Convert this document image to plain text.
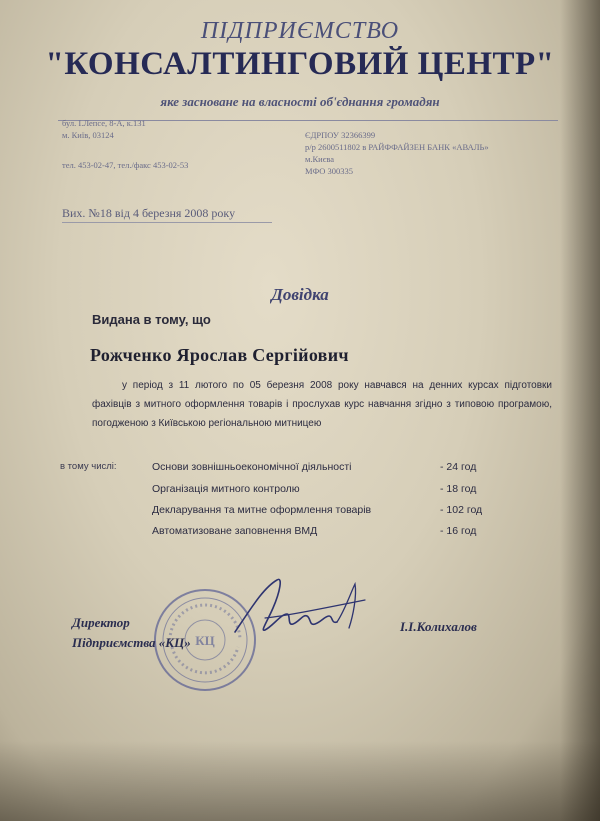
ПІДПРИЄМСТВО
"КОНСАЛТИНГОВИЙ ЦЕНТР"
яке засноване на власності об'єднання громадян
бул. І.Лепсе, 8-А, к.131
м. Київ, 03124
тел. 453-02-47, тел./факс 453-02-53
ЄДРПОУ 32366399
р/р 2600511802 в РАЙФФАЙЗЕН БАНК «АВАЛЬ»
м.Києва
МФО 300335
Вих. №18 від 4 березня 2008 року
Довідка
Видана в тому, що
Рожченко Ярослав Сергійович
у період з 11 лютого по 05 березня 2008 року навчався на денних курсах підготовки фахівців з митного оформлення товарів і прослухав курс навчання згідно з типовою програмою, погодженою з Київською регіональною митницею
в тому числі:	Основи зовнішньоекономічної діяльності	- 24 год
Організація митного контролю	- 18 год
Декларування та митне оформлення товарів	- 102 год
Автоматизоване заповнення ВМД	- 16 год
КЦ
Директор
Підприємства «КЦ»
І.І.Колихалов
